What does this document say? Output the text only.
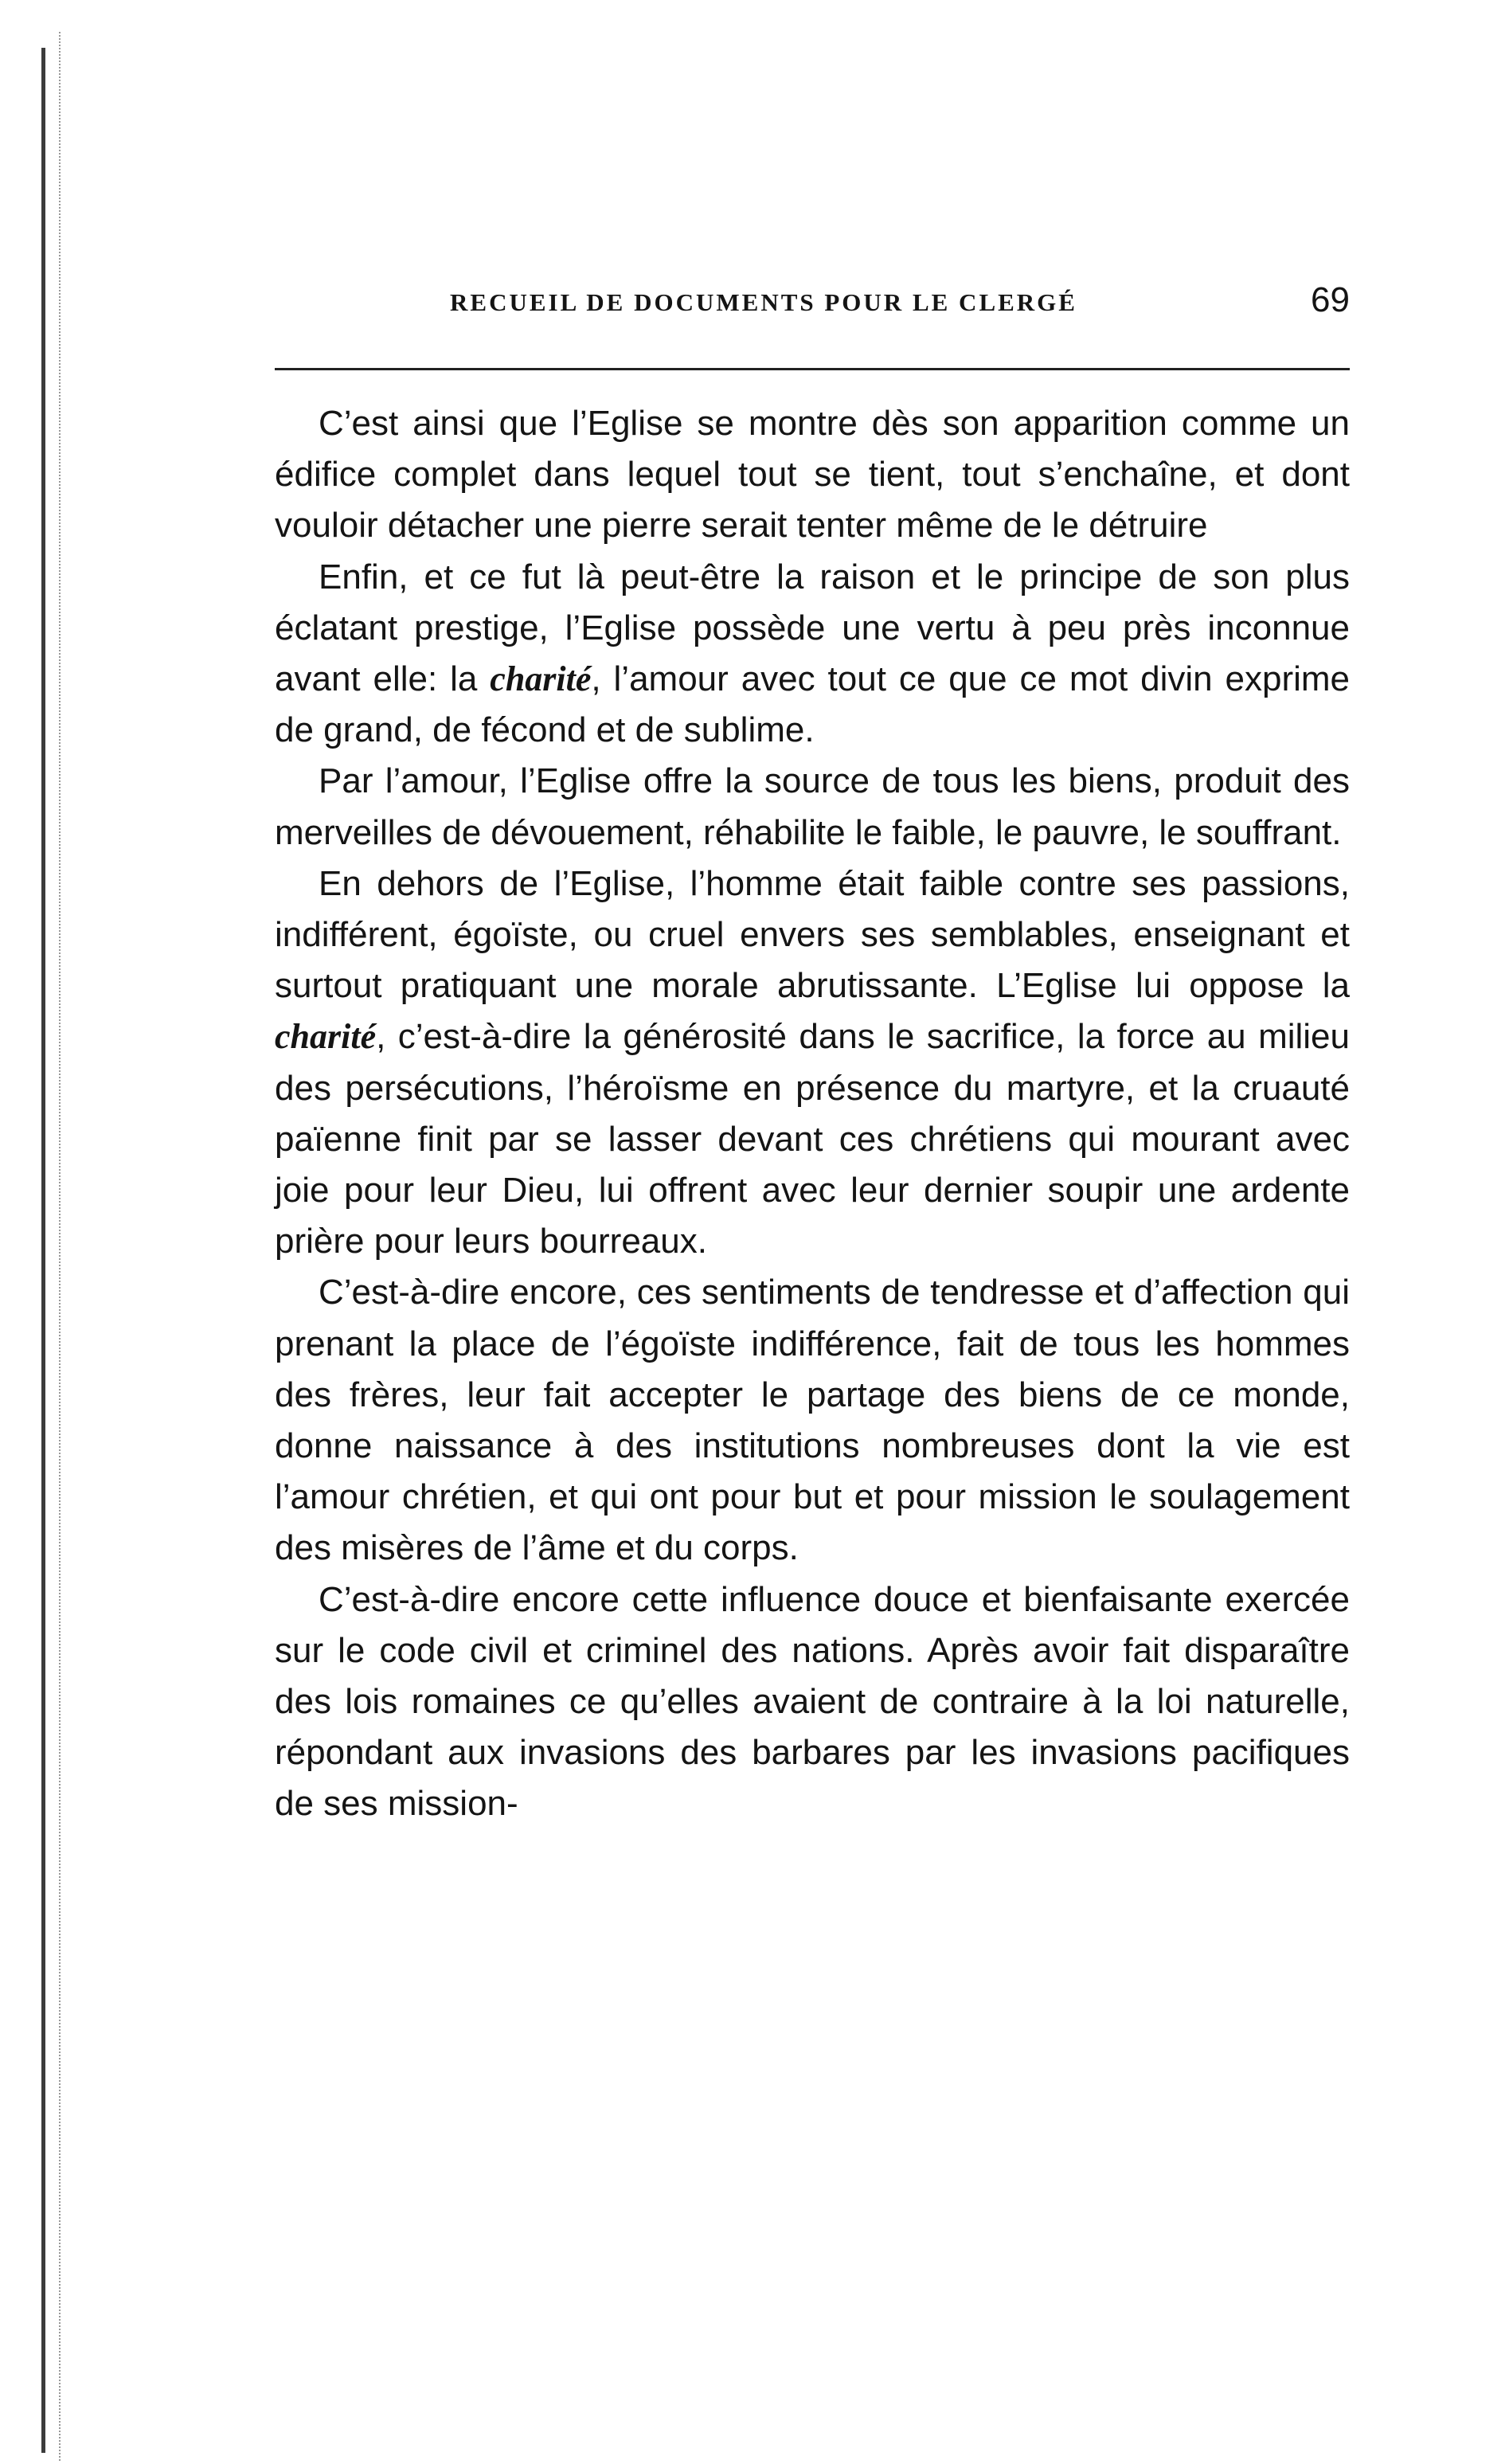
RECUEIL DE DOCUMENTS POUR LE CLERGÉ	69

C’est ainsi que l’Eglise se montre dès son apparition comme un édifice complet dans lequel tout se tient, tout s’enchaîne, et dont vouloir détacher une pierre serait tenter même de le détruire

Enfin, et ce fut là peut-être la raison et le principe de son plus éclatant prestige, l’Eglise possède une vertu à peu près inconnue avant elle: la charité, l’amour avec tout ce que ce mot divin exprime de grand, de fécond et de sublime.

Par l’amour, l’Eglise offre la source de tous les biens, produit des merveilles de dévouement, réhabilite le faible, le pauvre, le souffrant.

En dehors de l’Eglise, l’homme était faible contre ses passions, indifférent, égoïste, ou cruel envers ses semblables, enseignant et surtout pratiquant une morale abrutissante. L’Eglise lui oppose la charité, c’est-à-dire la générosité dans le sacrifice, la force au milieu des persécutions, l’héroïsme en présence du martyre, et la cruauté païenne finit par se lasser devant ces chrétiens qui mourant avec joie pour leur Dieu, lui offrent avec leur dernier soupir une ardente prière pour leurs bourreaux.

C’est-à-dire encore, ces sentiments de tendresse et d’affection qui prenant la place de l’égoïste indifférence, fait de tous les hommes des frères, leur fait accepter le partage des biens de ce monde, donne naissance à des institutions nombreuses dont la vie est l’amour chrétien, et qui ont pour but et pour mission le soulagement des misères de l’âme et du corps.

C’est-à-dire encore cette influence douce et bienfaisante exercée sur le code civil et criminel des nations. Après avoir fait disparaître des lois romaines ce qu’elles avaient de contraire à la loi naturelle, répondant aux invasions des barbares par les invasions pacifiques de ses mission-
